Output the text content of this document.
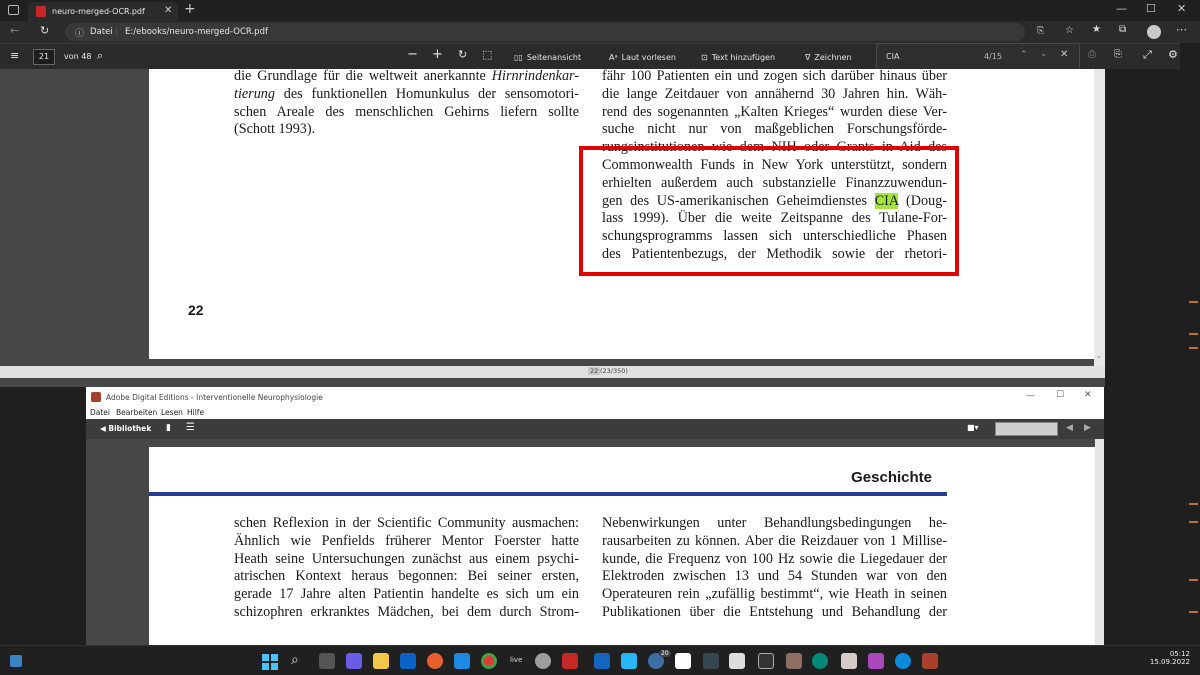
neuro-merged-OCR.pdf ✕ +	— ☐ ✕
← ↻	ⓘ Datei | E:/ebooks/neuro-merged-OCR.pdf	⎘ ☆ ★ ⧉	⋯
≡	21	von 48 ⌕	− + ↻ ⬚	▯▯ Seitenansicht	Aᵃ Laut vorlesen	⊡ Text hinzufügen	∇ Zeichnen	⎙ ⎘ ⤢ ⚙
CIA	4/15 ⌃ ⌄ ✕
die Grundlage für die weltweit anerkannte Hirnrindenkar-
tierung des funktionellen Homunkulus der sensomotori-
schen Areale des menschlichen Gehirns liefern sollte
(Schott 1993).
fähr 100 Patienten ein und zogen sich darüber hinaus über
die lange Zeitdauer von annähernd 30 Jahren hin. Wäh-
rend des sogenannten „Kalten Krieges“ wurden diese Ver-
suche nicht nur von maßgeblichen Forschungsförde-
rungsinstitutionen wie dem NIH oder Grants in Aid des
Commonwealth Funds in New York unterstützt, sondern
erhielten außerdem auch substanzielle Finanzzuwendun-
gen des US-amerikanischen Geheimdienstes CIA (Doug-
lass 1999). Über die weite Zeitspanne des Tulane-For-
schungsprogramms lassen sich unterschiedliche Phasen
des Patientenbezugs, der Methodik sowie der rhetori-
22
⌄
22 (23/350)
Adobe Digital Editions - Interventionelle Neurophysiologie	— ☐ ✕
Datei Bearbeiten Lesen Hilfe
◀ Bibliothek ▮ ☰	■▾	◀ ▶
Geschichte
schen Reflexion in der Scientific Community ausmachen:
Ähnlich wie Penfields früherer Mentor Foerster hatte
Heath seine Untersuchungen zunächst aus einem psychi-
atrischen Kontext heraus begonnen: Bei seiner ersten,
gerade 17 Jahre alten Patientin handelte es sich um ein
schizophren erkranktes Mädchen, bei dem durch Strom-
Nebenwirkungen unter Behandlungsbedingungen he-
rausarbeiten zu können. Aber die Reizdauer von 1 Millise-
kunde, die Frequenz von 100 Hz sowie die Liegedauer der
Elektroden zwischen 13 und 54 Stunden war von den
Operateuren rein „zufällig bestimmt“, wie Heath in seinen
Publikationen über die Entstehung und Behandlung der
⌕	live
20	05:12
15.09.2022
